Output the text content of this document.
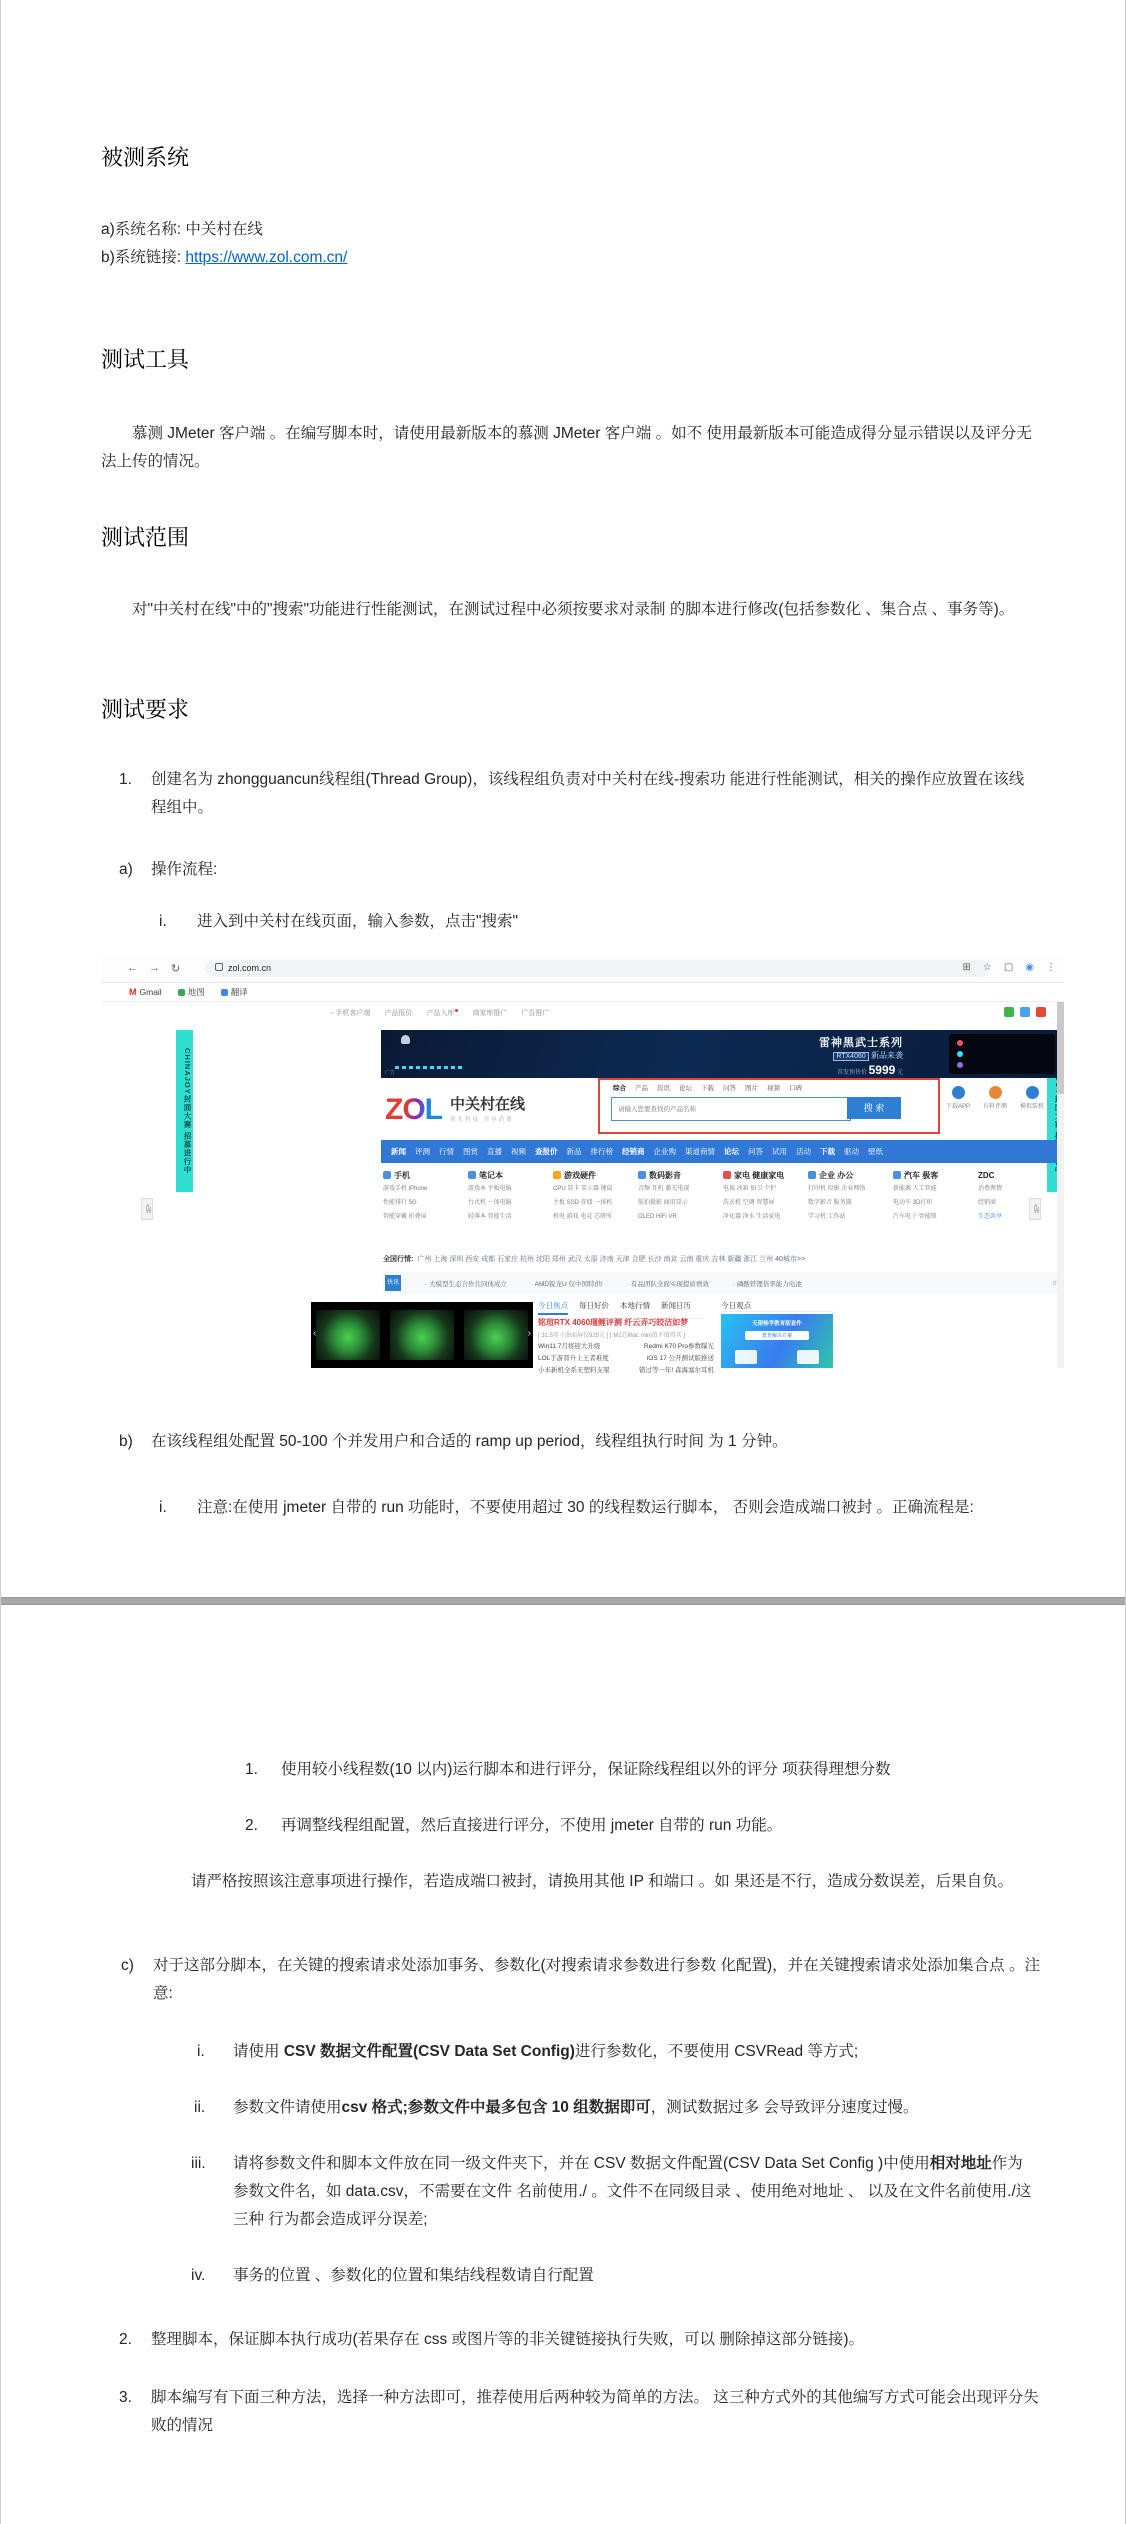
被测系统
a)系统名称: 中关村在线
b)系统链接: https://www.zol.com.cn/
测试工具
慕测 JMeter 客户端 。在编写脚本时，请使用最新版本的慕测 JMeter 客户端 。如不 使用最新版本可能造成得分显示错误以及评分无法上传的情况。
测试范围
对"中关村在线"中的"搜索"功能进行性能测试，在测试过程中必须按要求对录制 的脚本进行修改(包括参数化 、集合点 、事务等)。
测试要求
1. 创建名为 zhongguancun线程组(Thread Group)，该线程组负责对中关村在线-搜索功 能进行性能测试，相关的操作应放置在该线程组中。
a) 操作流程:
i. 进入到中关村在线页面，输入参数，点击"搜索"
← → ↻	zol.com.cn	⊞ ☆ ▢ ◉ ⋮
M Gmail	地图	翻译
▫ 手机客户端 产品报价 产品入库	商家库推广 广告推广
CHINAJOY封面大赛 招募进行中
«展	«展
雷神黑武士系列
RTX4060 新品来袭
首发预售价 5999 元
广告
ZOL 中关村在线
领先科技 引导消费
综合 产品 资讯 论坛 下载 问答 图片 视频 口碑
请输入您要查找的产品名称
搜 索	下载APP 有料评测 模拟装机
新闻 评测 行情 图赏 直播 视频 查报价 新品 排行榜 经销商 企业购 渠道商情 论坛 问答 试用 活动 下载 驱动 壁纸
手机
游戏手机 iPhone
性能排行 5G
智能穿戴 折叠屏
笔记本
游戏本 平板电脑
台式机 一体电脑
轻薄本 智能生活
游戏硬件
CPU 显卡 显示器 键鼠
主板 SSD 存储 一体机
机电 游戏 电竞 芯研所
数码影音
音频 耳机 激光电视
航拍摄影 商用显示
OLED HiFi VR
家电 健康家电
电视 冰箱 厨卫 个护
洗衣机 空调 智慧屏
净化器 净水 生活家电
企业 办公
打印机 投影 企业网络
数字影音 服务器
学习机 工作站
汽车 极客
新能源 人工智能
电动车 3D打印
汽车电子 智能锁
ZDC
消费舆情
经销商
生态共享
全国行情: 广州 上海 深圳 西安 成都 石家庄 杭州 沈阳 郑州 武汉 太原 济南 天津 合肥 长沙 南京 云南 重庆 吉林 新疆 浙江 兰州 40城市>>
快讯	· 大模型生态合作共同体成立	· AMD锐龙U 仅中国特供!	· 有品团队全面实现提质增效	· 磷酸铁锂倍率能力电池	⇵
‹	›
今日焦点 每日好价 本地行情 新闻日历	今日观点
铭瑄RTX 4060瑾鲤评测 纤云弄巧皎洁如梦
[ 31.5英寸曲面屏仅929元 ] [ M2芯Mac mini值不值得买 ]
Win11 7月将迎大升级	Redmi K70 Pro参数曝光
LOL手游晋升上王者难度	iOS 17 公开测试版推送
小米新机全系无塑料支架	错过等一年! 森海塞尔耳机
无限畅学教育版套件
教育解决方案
b) 在该线程组处配置 50-100 个并发用户和合适的 ramp up period，线程组执行时间 为 1 分钟。
i. 注意:在使用 jmeter 自带的 run 功能时，不要使用超过 30 的线程数运行脚本， 否则会造成端口被封 。正确流程是:
1. 使用较小线程数(10 以内)运行脚本和进行评分，保证除线程组以外的评分 项获得理想分数
2. 再调整线程组配置，然后直接进行评分，不使用 jmeter 自带的 run 功能。
请严格按照该注意事项进行操作，若造成端口被封，请换用其他 IP 和端口 。如 果还是不行，造成分数误差，后果自负。
c) 对于这部分脚本，在关键的搜索请求处添加事务、参数化(对搜索请求参数进行参数 化配置)，并在关键搜索请求处添加集合点 。注意:
i. 请使用 CSV 数据文件配置(CSV Data Set Config)进行参数化，不要使用 CSVRead 等方式;
ii. 参数文件请使用csv 格式;参数文件中最多包含 10 组数据即可，测试数据过多 会导致评分速度过慢。
iii. 请将参数文件和脚本文件放在同一级文件夹下，并在 CSV 数据文件配置(CSV Data Set Config )中使用相对地址作为参数文件名，如 data.csv，不需要在文件 名前使用./ 。文件不在同级目录 、使用绝对地址 、 以及在文件名前使用./这三种 行为都会造成评分误差;
iv. 事务的位置 、参数化的位置和集结线程数请自行配置
2. 整理脚本，保证脚本执行成功(若果存在 css 或图片等的非关键链接执行失败，可以 删除掉这部分链接)。
3. 脚本编写有下面三种方法，选择一种方法即可，推荐使用后两种较为简单的方法。 这三种方式外的其他编写方式可能会出现评分失败的情况
